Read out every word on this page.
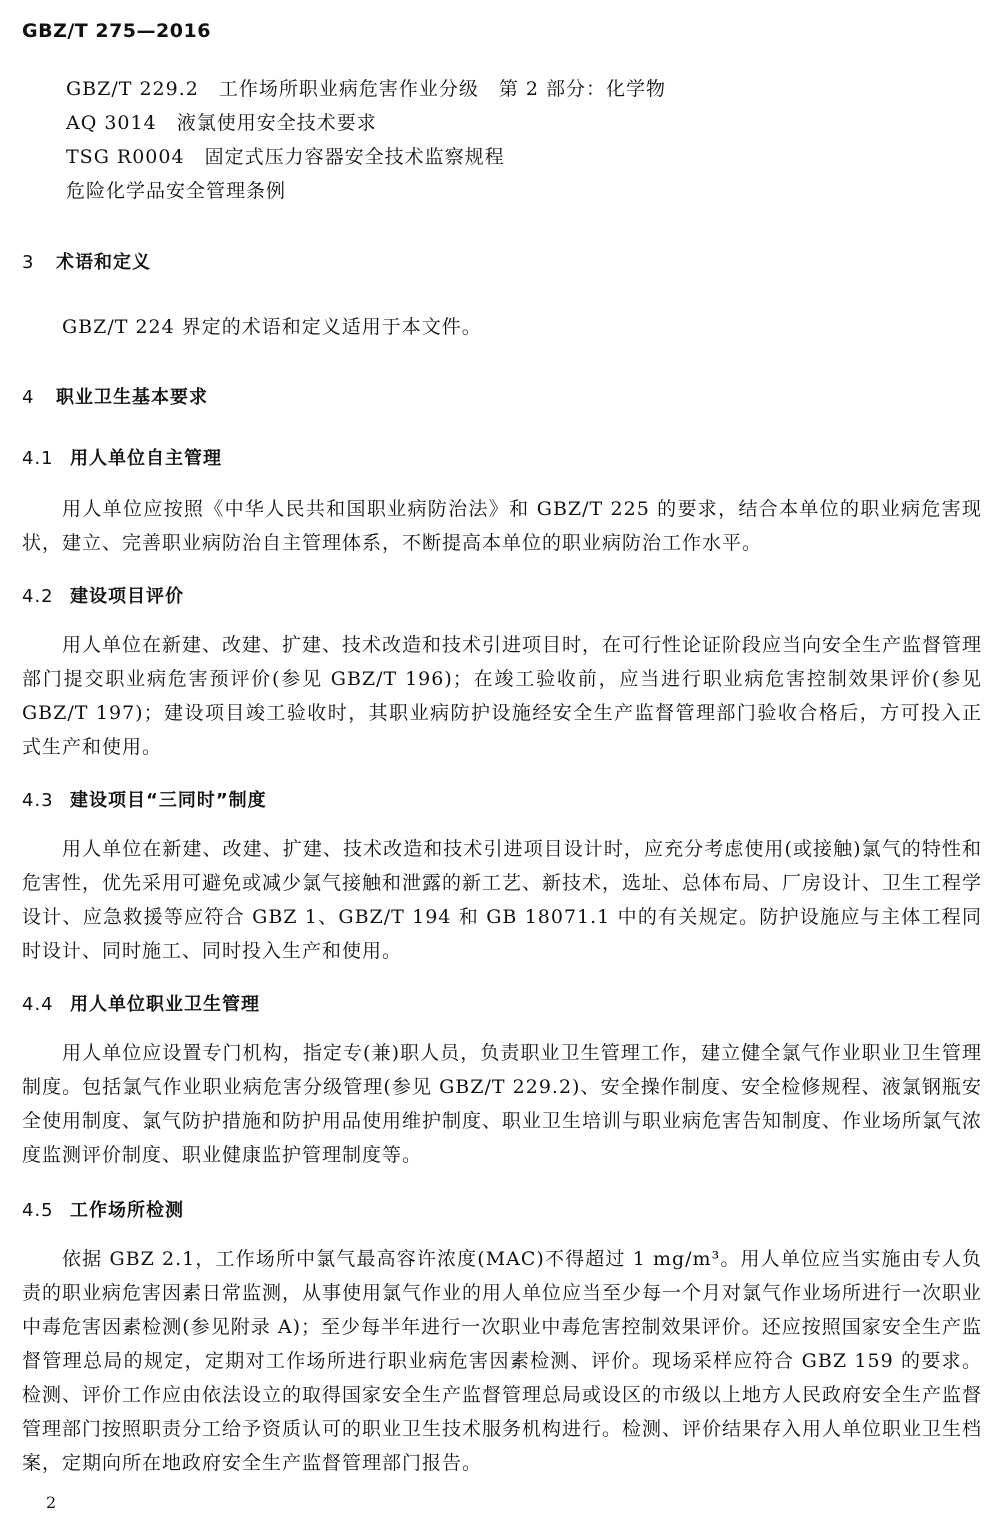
GBZ/T 275—2016
GBZ/T 229.2　工作场所职业病危害作业分级　第 2 部分：化学物
AQ 3014　液氯使用安全技术要求
TSG R0004　固定式压力容器安全技术监察规程
危险化学品安全管理条例
3 术语和定义

GBZ/T 224 界定的术语和定义适用于本文件。

4 职业卫生基本要求
4.1 用人单位自主管理

用人单位应按照《中华人民共和国职业病防治法》和 GBZ/T 225 的要求，结合本单位的职业病危害现状，建立、完善职业病防治自主管理体系，不断提高本单位的职业病防治工作水平。

4.2 建设项目评价

用人单位在新建、改建、扩建、技术改造和技术引进项目时，在可行性论证阶段应当向安全生产监督管理部门提交职业病危害预评价(参见 GBZ/T 196)；在竣工验收前，应当进行职业病危害控制效果评价(参见 GBZ/T 197)；建设项目竣工验收时，其职业病防护设施经安全生产监督管理部门验收合格后，方可投入正式生产和使用。

4.3 建设项目“三同时”制度

用人单位在新建、改建、扩建、技术改造和技术引进项目设计时，应充分考虑使用(或接触)氯气的特性和危害性，优先采用可避免或减少氯气接触和泄露的新工艺、新技术，选址、总体布局、厂房设计、卫生工程学设计、应急救援等应符合 GBZ 1、GBZ/T 194 和 GB 18071.1 中的有关规定。防护设施应与主体工程同时设计、同时施工、同时投入生产和使用。

4.4 用人单位职业卫生管理

用人单位应设置专门机构，指定专(兼)职人员，负责职业卫生管理工作，建立健全氯气作业职业卫生管理制度。包括氯气作业职业病危害分级管理(参见 GBZ/T 229.2)、安全操作制度、安全检修规程、液氯钢瓶安全使用制度、氯气防护措施和防护用品使用维护制度、职业卫生培训与职业病危害告知制度、作业场所氯气浓度监测评价制度、职业健康监护管理制度等。

4.5 工作场所检测

依据 GBZ 2.1，工作场所中氯气最高容许浓度(MAC)不得超过 1 mg/m³。用人单位应当实施由专人负责的职业病危害因素日常监测，从事使用氯气作业的用人单位应当至少每一个月对氯气作业场所进行一次职业中毒危害因素检测(参见附录 A)；至少每半年进行一次职业中毒危害控制效果评价。还应按照国家安全生产监督管理总局的规定，定期对工作场所进行职业病危害因素检测、评价。现场采样应符合 GBZ 159 的要求。检测、评价工作应由依法设立的取得国家安全生产监督管理总局或设区的市级以上地方人民政府安全生产监督管理部门按照职责分工给予资质认可的职业卫生技术服务机构进行。检测、评价结果存入用人单位职业卫生档案，定期向所在地政府安全生产监督管理部门报告。

2
